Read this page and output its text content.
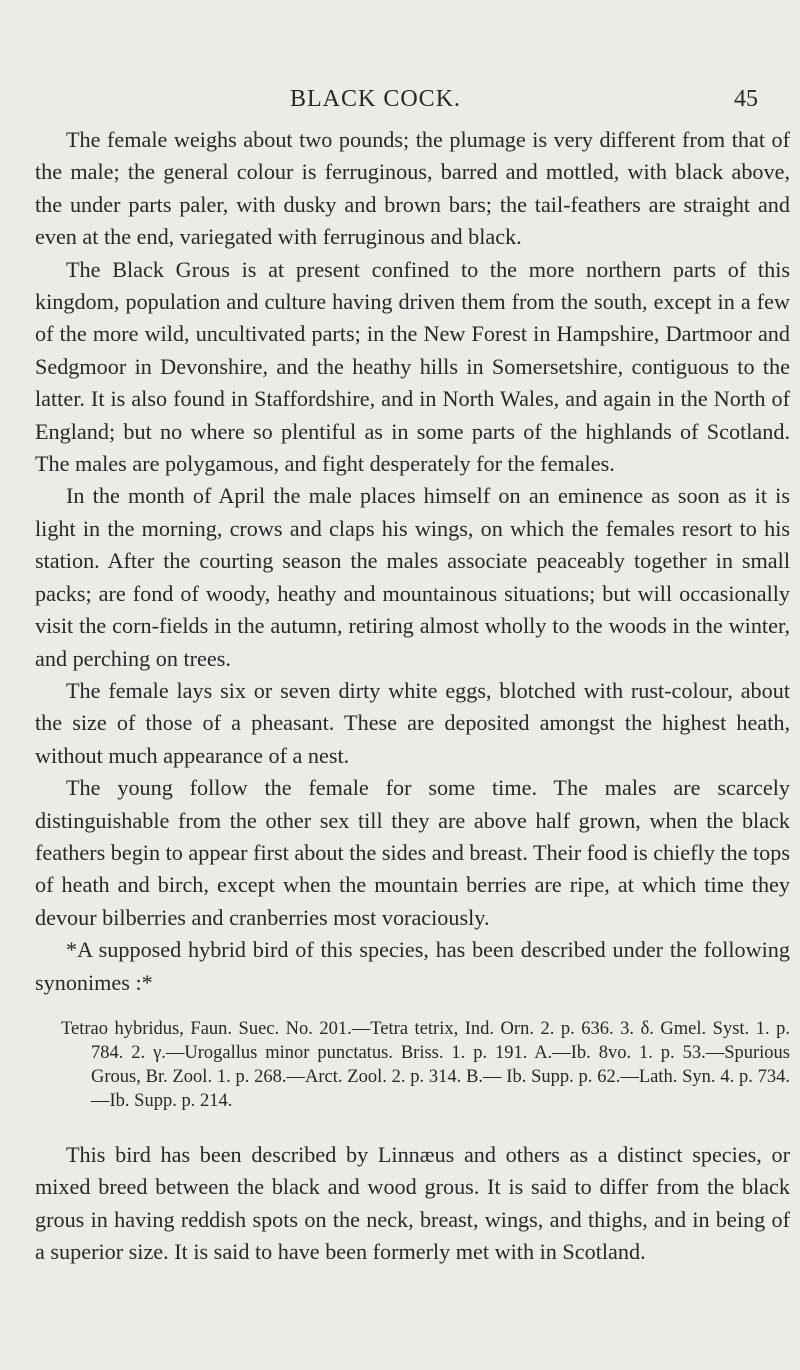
BLACK COCK.	45

The female weighs about two pounds; the plumage is very different from that of the male; the general colour is ferruginous, barred and mottled, with black above, the under parts paler, with dusky and brown bars; the tail-feathers are straight and even at the end, variegated with ferruginous and black.

The Black Grous is at present confined to the more northern parts of this kingdom, population and culture having driven them from the south, except in a few of the more wild, uncultivated parts; in the New Forest in Hampshire, Dartmoor and Sedgmoor in Devonshire, and the heathy hills in Somersetshire, contiguous to the latter. It is also found in Staffordshire, and in North Wales, and again in the North of England; but no where so plentiful as in some parts of the highlands of Scotland. The males are polygamous, and fight desperately for the females.

In the month of April the male places himself on an eminence as soon as it is light in the morning, crows and claps his wings, on which the females resort to his station. After the courting season the males associate peaceably together in small packs; are fond of woody, heathy and mountainous situations; but will occasionally visit the corn-fields in the autumn, retiring almost wholly to the woods in the winter, and perching on trees.

The female lays six or seven dirty white eggs, blotched with rust-colour, about the size of those of a pheasant. These are deposited amongst the highest heath, without much appearance of a nest.

The young follow the female for some time. The males are scarcely distinguishable from the other sex till they are above half grown, when the black feathers begin to appear first about the sides and breast. Their food is chiefly the tops of heath and birch, except when the mountain berries are ripe, at which time they devour bilberries and cranberries most voraciously.

*A supposed hybrid bird of this species, has been described under the following synonimes :*

Tetrao hybridus, Faun. Suec. No. 201.—Tetra tetrix, Ind. Orn. 2. p. 636. 3. δ. Gmel. Syst. 1. p. 784. 2. γ.—Urogallus minor punctatus. Briss. 1. p. 191. A.—Ib. 8vo. 1. p. 53.—Spurious Grous, Br. Zool. 1. p. 268.—Arct. Zool. 2. p. 314. B.— Ib. Supp. p. 62.—Lath. Syn. 4. p. 734.—Ib. Supp. p. 214.

This bird has been described by Linnæus and others as a distinct species, or mixed breed between the black and wood grous. It is said to differ from the black grous in having reddish spots on the neck, breast, wings, and thighs, and in being of a superior size. It is said to have been formerly met with in Scotland.
